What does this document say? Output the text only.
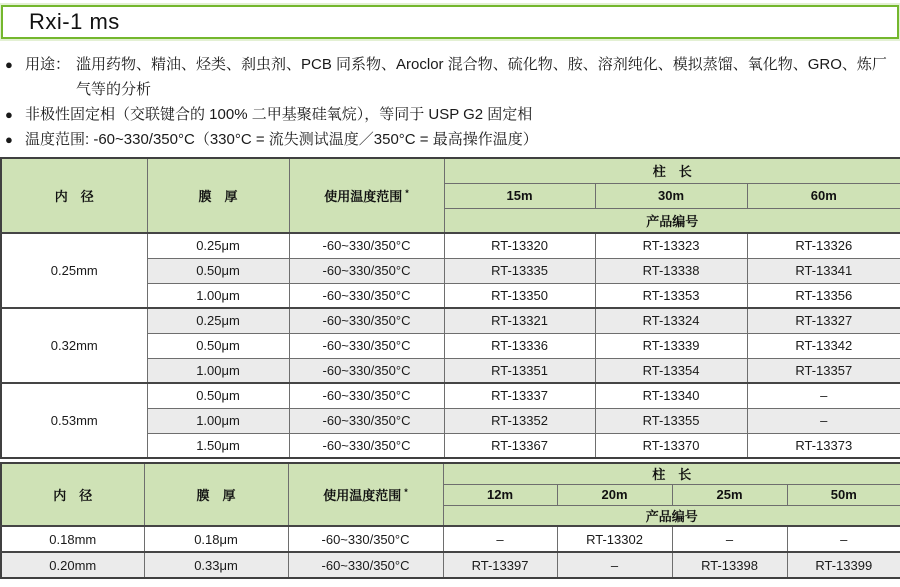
Rxi-1 ms
● 用途： 滥用药物、精油、烃类、刹虫剂、PCB 同系物、Aroclor 混合物、硫化物、胺、溶剂纯化、模拟蒸馏、氧化物、GRO、炼厂气等的分析
● 非极性固定相（交联键合的 100% 二甲基聚硅氧烷），等同于 USP G2 固定相
● 温度范围: -60~330/350°C（330°C = 流失测试温度／350°C = 最高操作温度）
内　径	膜　厚	使用温度范围 *	柱　长		
			15m	30m	60m
			产品编号		
0.25mm	0.25μm	-60~330/350°C	RT-13320	RT-13323	RT-13326
	0.50μm	-60~330/350°C	RT-13335	RT-13338	RT-13341
	1.00μm	-60~330/350°C	RT-13350	RT-13353	RT-13356
0.32mm	0.25μm	-60~330/350°C	RT-13321	RT-13324	RT-13327
	0.50μm	-60~330/350°C	RT-13336	RT-13339	RT-13342
	1.00μm	-60~330/350°C	RT-13351	RT-13354	RT-13357
0.53mm	0.50μm	-60~330/350°C	RT-13337	RT-13340	–
	1.00μm	-60~330/350°C	RT-13352	RT-13355	–
	1.50μm	-60~330/350°C	RT-13367	RT-13370	RT-13373
内　径	膜　厚	使用温度范围 *	柱　长			
			12m	20m	25m	50m
			产品编号			
0.18mm	0.18μm	-60~330/350°C	–	RT-13302	–	–
0.20mm	0.33μm	-60~330/350°C	RT-13397	–	RT-13398	RT-13399
